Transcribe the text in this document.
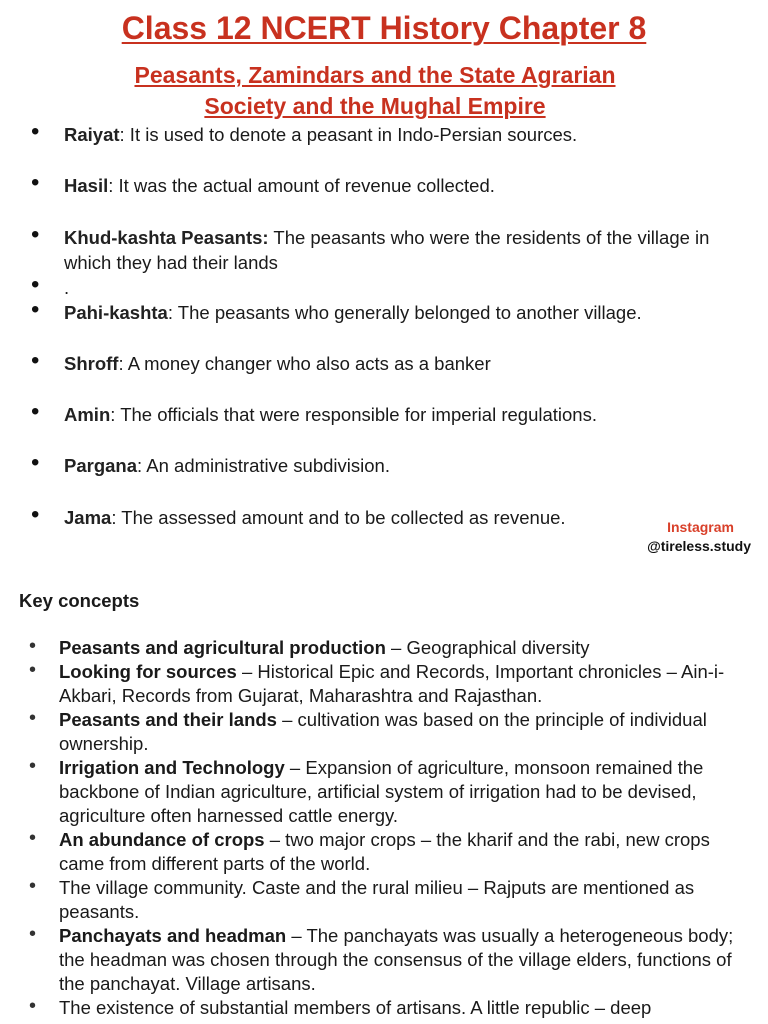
Class 12 NCERT History Chapter 8
Peasants, Zamindars and the State Agrarian
Society and the Mughal Empire
• Raiyat: It is used to denote a peasant in Indo-Persian sources.
• Hasil: It was the actual amount of revenue collected.
• Khud-kashta Peasants: The peasants who were the residents of the village in which they had their lands
• .
• Pahi-kashta: The peasants who generally belonged to another village.
• Shroff: A money changer who also acts as a banker
• Amin: The officials that were responsible for imperial regulations.
• Pargana: An administrative subdivision.
• Jama: The assessed amount and to be collected as revenue.	Instagram
@tireless.study
Key concepts
• Peasants and agricultural production – Geographical diversity
• Looking for sources – Historical Epic and Records, Important chronicles – Ain-i-Akbari, Records from Gujarat, Maharashtra and Rajasthan.
• Peasants and their lands – cultivation was based on the principle of individual ownership.
• Irrigation and Technology – Expansion of agriculture, monsoon remained the backbone of Indian agriculture, artificial system of irrigation had to be devised, agriculture often harnessed cattle energy.
• An abundance of crops – two major crops – the kharif and the rabi, new crops came from different parts of the world.
• The village community. Caste and the rural milieu – Rajputs are mentioned as peasants.
• Panchayats and headman – The panchayats was usually a heterogeneous body; the headman was chosen through the consensus of the village elders, functions of the panchayat. Village artisans.
• The existence of substantial members of artisans. A little republic – deep
